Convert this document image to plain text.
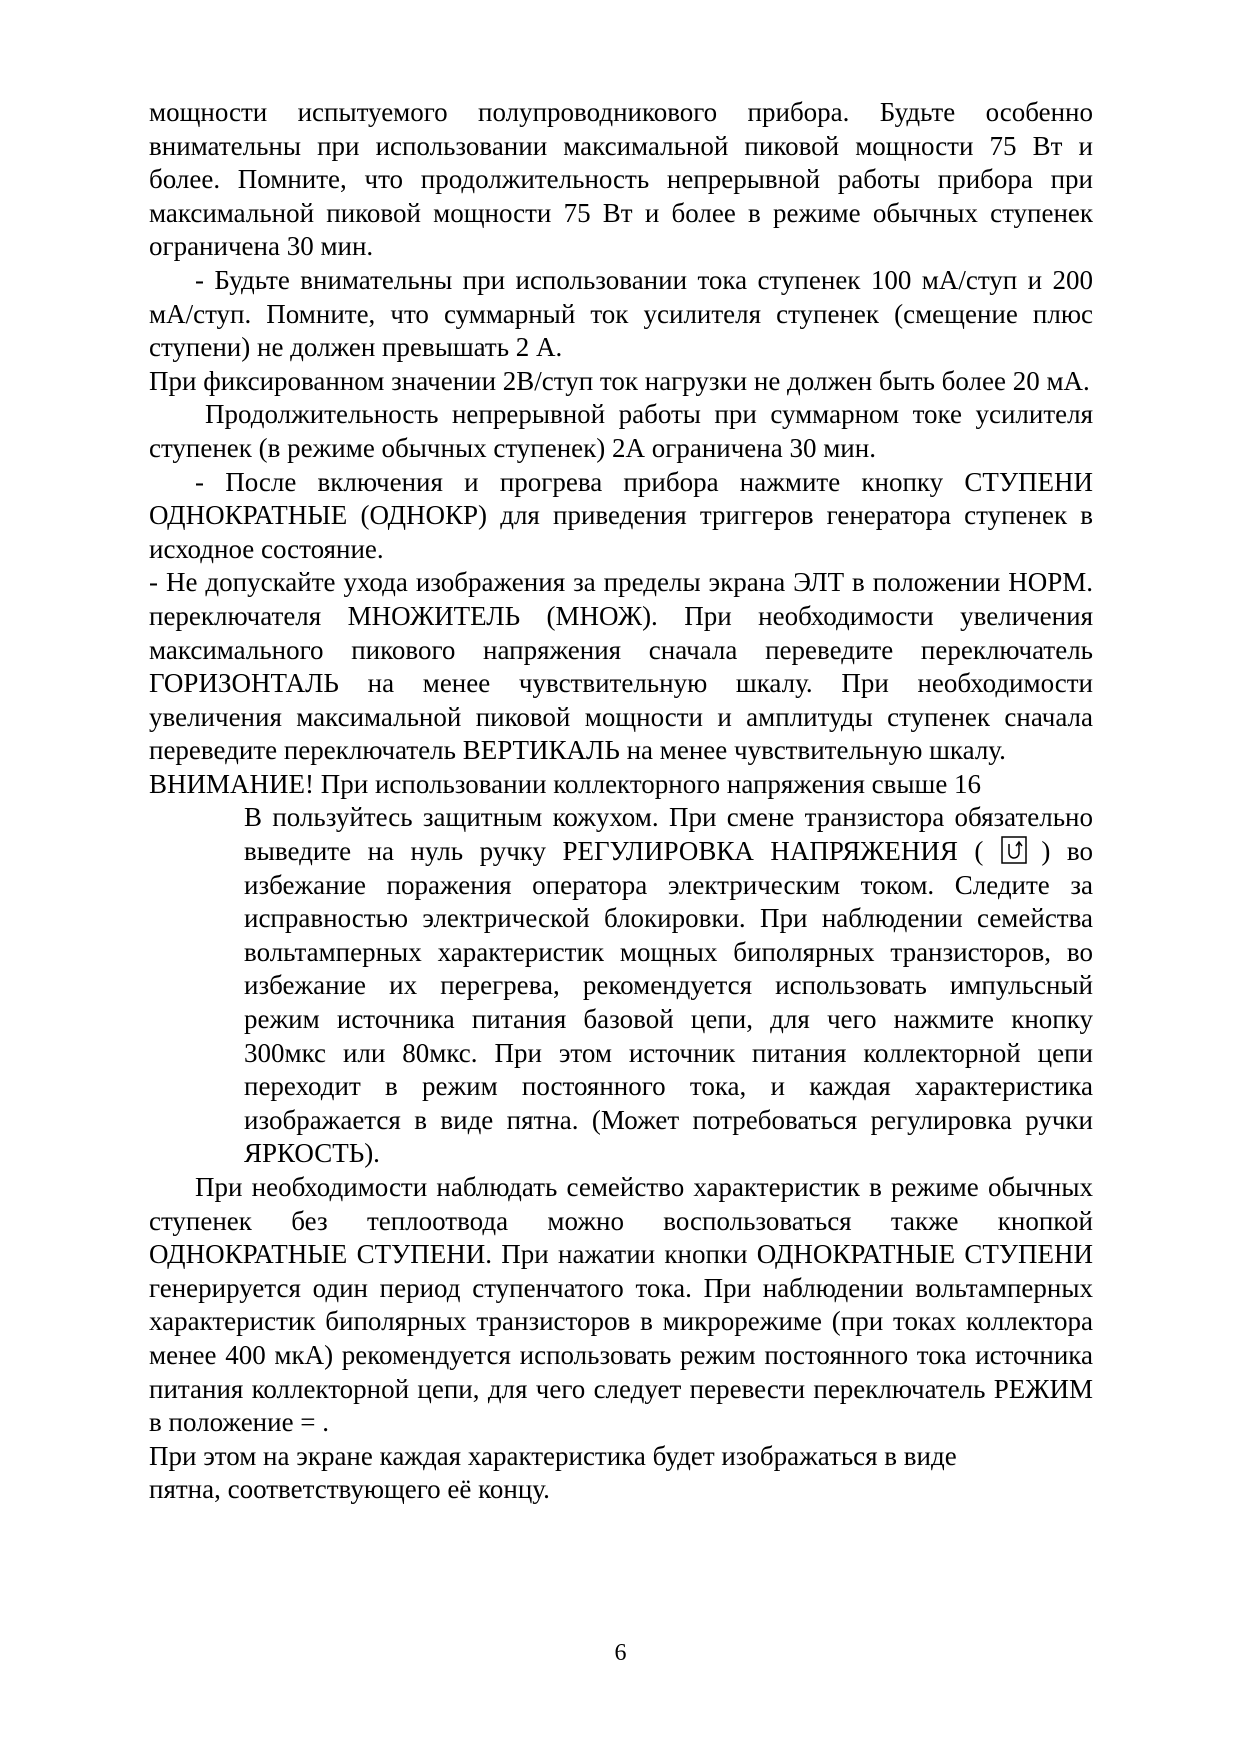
мощности испытуемого полупроводникового прибора. Будьте особенно внимательны при использовании максимальной пиковой мощности 75 Вт и более. Помните, что продолжительность непрерывной работы прибора при максимальной пиковой мощности 75 Вт и более в режиме обычных ступенек ограничена 30 мин.

- Будьте внимательны при использовании тока ступенек 100 мА/ступ и 200 мА/ступ. Помните, что суммарный ток усилителя ступенек (смещение плюс ступени) не должен превышать 2 А.

При фиксированном значении 2В/ступ ток нагрузки не должен быть более 20 мА.

Продолжительность непрерывной работы при суммарном токе усилителя ступенек (в режиме обычных ступенек) 2А ограничена 30 мин.

- После включения и прогрева прибора нажмите кнопку СТУПЕНИ ОДНОКРАТНЫЕ (ОДНОКР) для приведения триггеров генератора ступенек в исходное состояние.

- Не допускайте ухода изображения за пределы экрана ЭЛТ в положении НОРМ. переключателя МНОЖИТЕЛЬ (МНОЖ). При необходимости увеличения максимального пикового напряжения сначала переведите переключатель ГОРИЗОНТАЛЬ на менее чувствительную шкалу. При необходимости увеличения максимальной пиковой мощности и амплитуды ступенек сначала переведите переключатель ВЕРТИКАЛЬ на менее чувствительную шкалу.

ВНИМАНИЕ! При использовании коллекторного напряжения свыше 16

В пользуйтесь защитным кожухом. При смене транзистора обязательно выведите на нуль ручку РЕГУЛИРОВКА НАПРЯЖЕНИЯ ( ) во избежание поражения оператора электрическим током. Следите за исправностью электрической блокировки. При наблюдении семейства вольтамперных характеристик мощных биполярных транзисторов, во избежание их перегрева, рекомендуется использовать импульсный режим источника питания базовой цепи, для чего нажмите кнопку 300мкс или 80мкс. При этом источник питания коллекторной цепи переходит в режим постоянного тока, и каждая характеристика изображается в виде пятна. (Может потребоваться регулировка ручки ЯРКОСТЬ).

При необходимости наблюдать семейство характеристик в режиме обычных ступенек без теплоотвода можно воспользоваться также кнопкой ОДНОКРАТНЫЕ СТУПЕНИ. При нажатии кнопки ОДНОКРАТНЫЕ СТУПЕНИ генерируется один период ступенчатого тока. При наблюдении вольтамперных характеристик биполярных транзисторов в микрорежиме (при токах коллектора менее 400 мкА) рекомендуется использовать режим постоянного тока источника питания коллекторной цепи, для чего следует перевести переключатель РЕЖИМ в положение = .

При этом на экране каждая характеристика будет изображаться в виде

пятна, соответствующего её концу.

6
